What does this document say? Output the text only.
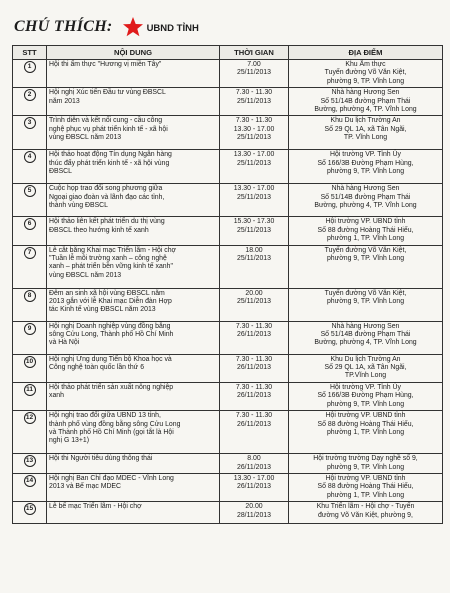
CHÚ THÍCH:	UBND TỈNH
STT	NỘI DUNG	THỜI GIAN	ĐỊA ĐIỂM
1	Hội thi ẩm thực "Hương vị miền Tây"	7.00
25/11/2013	Khu Ẩm thực
Tuyến đường Võ Văn Kiệt,
phường 9, TP. Vĩnh Long
2	Hội nghị Xúc tiến Đầu tư vùng ĐBSCL
năm 2013	7.30 - 11.30
25/11/2013	Nhà hàng Hương Sen
Số 51/14B đường Phạm Thái
Bường, phường 4, TP. Vĩnh Long
3	Trình diễn và kết nối cung - cầu công
nghệ phục vụ phát triển kinh tế - xã hội
vùng ĐBSCL năm 2013	7.30 - 11.30
13.30 - 17.00
25/11/2013	Khu Du lịch Trường An
Số 29 QL 1A, xã Tân Ngãi,
TP. Vĩnh Long
4	Hội thảo hoạt động Tín dụng Ngân hàng
thúc đẩy phát triển kinh tế - xã hội vùng
ĐBSCL	13.30 - 17.00
25/11/2013	Hội trường VP. Tỉnh Ủy
Số 166/3B Đường Phạm Hùng,
phường 9, TP. Vĩnh Long
5	Cuộc họp trao đổi song phương giữa
Ngoại giao đoàn và lãnh đạo các tỉnh,
thành vùng ĐBSCL	13.30 - 17.00
25/11/2013	Nhà hàng Hương Sen
Số 51/14B đường Phạm Thái
Bường, phường 4, TP. Vĩnh Long
6	Hội thảo liên kết phát triển du thị vùng
ĐBSCL theo hướng kinh tế xanh	15.30 - 17.30
25/11/2013	Hội trường VP. UBND tỉnh
Số 88 đường Hoàng Thái Hiếu,
phường 1, TP. Vĩnh Long
7	Lễ cắt băng Khai mạc Triển lãm - Hội chợ
"Tuần lễ môi trường xanh – công nghệ
xanh – phát triển bền vững kinh tế xanh"
vùng ĐBSCL năm 2013	18.00
25/11/2013	Tuyến đường Võ Văn Kiệt,
phường 9, TP. Vĩnh Long
8	Đêm an sinh xã hội vùng ĐBSCL năm
2013 gắn với lễ Khai mạc Diễn đàn Hợp
tác Kinh tế vùng ĐBSCL năm 2013	20.00
25/11/2013	Tuyến đường Võ Văn Kiệt,
phường 9, TP. Vĩnh Long
9	Hội nghị Doanh nghiệp vùng đồng bằng
sông Cửu Long, Thành phố Hồ Chí Minh
và Hà Nội	7.30 - 11.30
26/11/2013	Nhà hàng Hương Sen
Số 51/14B đường Phạm Thái
Bường, phường 4, TP. Vĩnh Long
10	Hội nghị Ứng dụng Tiến bộ Khoa học và
Công nghệ toàn quốc lần thứ 6	7.30 - 11.30
26/11/2013	Khu Du lịch Trường An
Số 29 QL 1A, xã Tân Ngãi,
TP.Vĩnh Long
11	Hội thảo phát triển sản xuất nông nghiệp
xanh	7.30 - 11.30
26/11/2013	Hội trường VP. Tỉnh Ủy
Số 166/3B Đường Phạm Hùng,
phường 9, TP. Vĩnh Long
12	Hội nghị trao đổi giữa UBND 13 tỉnh,
thành phố vùng đồng bằng sông Cửu Long
và Thành phố Hồ Chí Minh (gọi tắt là Hội
nghị G 13+1)	7.30 - 11.30
26/11/2013	Hội trường VP. UBND tỉnh
Số 88 đường Hoàng Thái Hiếu,
phường 1, TP. Vĩnh Long
13	Hội thi Người tiêu dùng thông thái	8.00
26/11/2013	Hội trường trường Dạy nghề số 9,
phường 9, TP. Vĩnh Long
14	Hội nghị Ban Chỉ đạo MDEC - Vĩnh Long
2013 và Bế mạc MDEC	13.30 - 17.00
26/11/2013	Hội trường VP. UBND tỉnh
Số 88 đường Hoàng Thái Hiếu,
phường 1, TP. Vĩnh Long
15	Lễ bế mạc Triển lãm - Hội chợ	20.00
28/11/2013	Khu Triển lãm - Hội chợ - Tuyến
đường Võ Văn Kiệt, phường 9,
